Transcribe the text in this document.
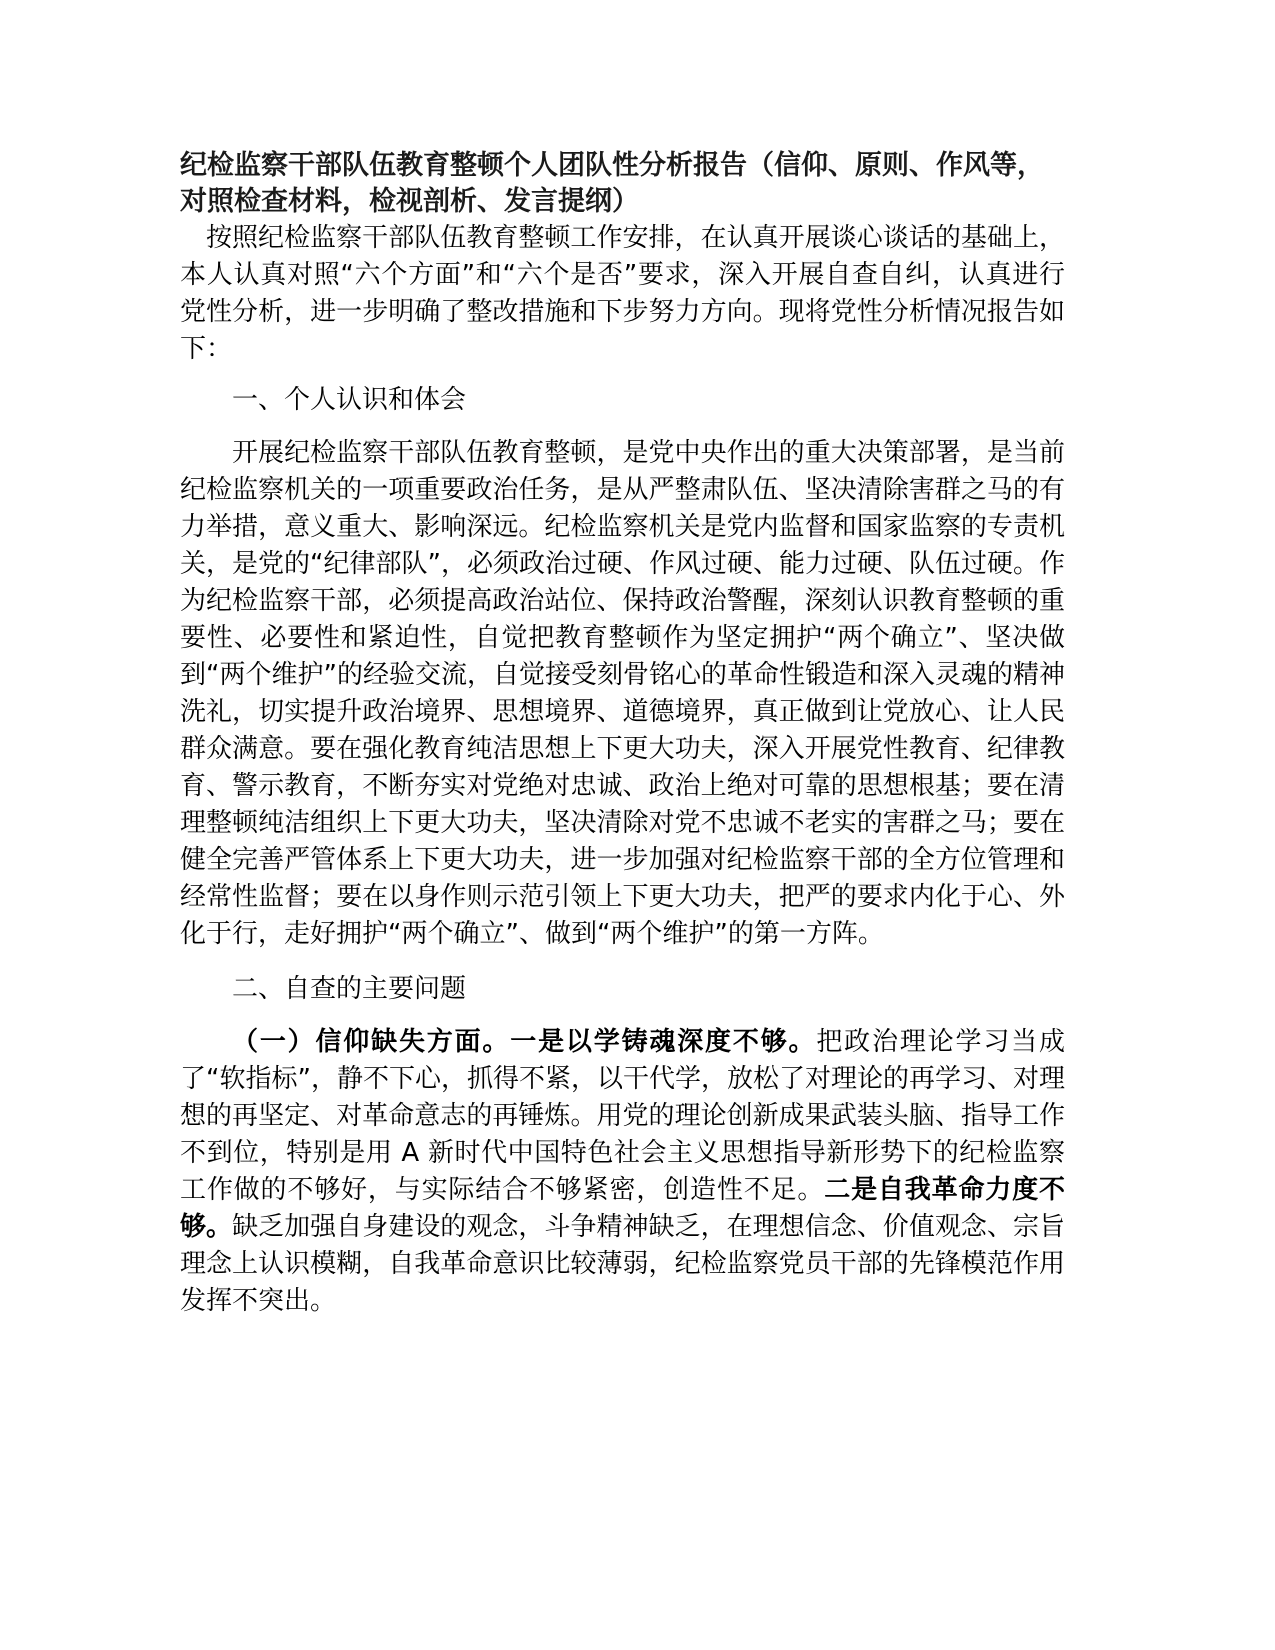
纪检监察干部队伍教育整顿个人团队性分析报告（信仰、原则、作风等，对照检查材料，检视剖析、发言提纲）

按照纪检监察干部队伍教育整顿工作安排，在认真开展谈心谈话的基础上，本人认真对照“六个方面”和“六个是否”要求，深入开展自查自纠，认真进行党性分析，进一步明确了整改措施和下步努力方向。现将党性分析情况报告如下：

一、个人认识和体会

开展纪检监察干部队伍教育整顿，是党中央作出的重大决策部署，是当前纪检监察机关的一项重要政治任务，是从严整肃队伍、坚决清除害群之马的有力举措，意义重大、影响深远。纪检监察机关是党内监督和国家监察的专责机关，是党的“纪律部队”，必须政治过硬、作风过硬、能力过硬、队伍过硬。作为纪检监察干部，必须提高政治站位、保持政治警醒，深刻认识教育整顿的重要性、必要性和紧迫性，自觉把教育整顿作为坚定拥护“两个确立”、坚决做到“两个维护”的经验交流，自觉接受刻骨铭心的革命性锻造和深入灵魂的精神洗礼，切实提升政治境界、思想境界、道德境界，真正做到让党放心、让人民群众满意。要在强化教育纯洁思想上下更大功夫，深入开展党性教育、纪律教育、警示教育，不断夯实对党绝对忠诚、政治上绝对可靠的思想根基；要在清理整顿纯洁组织上下更大功夫，坚决清除对党不忠诚不老实的害群之马；要在健全完善严管体系上下更大功夫，进一步加强对纪检监察干部的全方位管理和经常性监督；要在以身作则示范引领上下更大功夫，把严的要求内化于心、外化于行，走好拥护“两个确立”、做到“两个维护”的第一方阵。

二、自查的主要问题

（一）信仰缺失方面。一是以学铸魂深度不够。把政治理论学习当成了“软指标”，静不下心，抓得不紧，以干代学，放松了对理论的再学习、对理想的再坚定、对革命意志的再锤炼。用党的理论创新成果武装头脑、指导工作不到位，特别是用 A 新时代中国特色社会主义思想指导新形势下的纪检监察工作做的不够好，与实际结合不够紧密，创造性不足。二是自我革命力度不够。缺乏加强自身建设的观念，斗争精神缺乏，在理想信念、价值观念、宗旨理念上认识模糊，自我革命意识比较薄弱，纪检监察党员干部的先锋模范作用发挥不突出。
